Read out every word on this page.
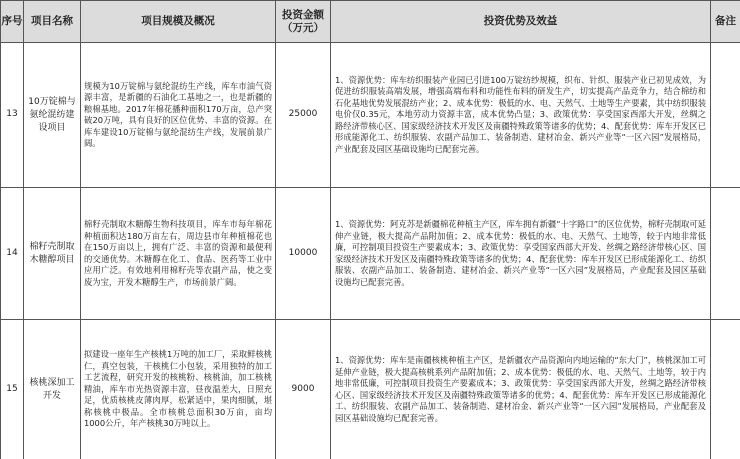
序号	项目名称	项目规模及概况	投资金额（万元）	投资优势及效益	备注
13	10万锭棉与氨纶混纺建设项目	规模为10万锭棉与氨纶混纺生产线，库车市油气资源丰富，是新疆的石油化工基地之一，也是新疆的粮棉基地。2017年棉花播种面积170万亩，总产突破20万吨，具有良好的区位优势、丰富的资源。在库车建设10万锭棉与氨纶混纺生产线，发展前景广阔。	25000	1、资源优势：库车纺织服装产业园已引进100万锭纺纱规模，织布、针织、服装产业已初见成效，为促进纺织服装高端发展，增强高端布料和功能性布料的研发生产，切实提高产品竞争力，结合棉纺和石化基地优势发展混纺产业；2、成本优势：极低的水、电、天然气、土地等生产要素，其中纺织服装电价仅0.35元，本地劳动力资源丰富，成本优势凸显；3、政策优势：享受国家西部大开发，丝绸之路经济带核心区、国家级经济技术开发区及南疆特殊政策等诸多的优势；4、配套优势：库车开发区已形成能源化工、纺织服装、农副产品加工、装备制造、建材冶金、新兴产业等“一区六园”发展格局，产业配套及园区基础设施均已配套完善。	
14	棉籽壳制取木糖醇项目	棉籽壳制取木糖醇生物科技项目，库车市每年棉花种植面积达180万亩左右，周边县市年种植棉花也在150万亩以上，拥有广泛、丰富的资源和最便利的交通优势。木糖醇在化工、食品、医药等工业中应用广泛。有效地利用棉籽壳等农副产品，使之变废为宝，开发木糖醇生产，市场前景广阔。	10000	1、资源优势：阿克苏是新疆棉花种植主产区，库车拥有新疆“十字路口”的区位优势，棉籽壳制取可延伸产业链，极大提高产品附加值；2、成本优势：极低的水、电、天然气、土地等，较于内地非常低廉，可控制项目投资生产要素成本；3、政策优势：享受国家西部大开发、丝绸之路经济带核心区、国家级经济技术开发区及南疆特殊政策等诸多的优势；4、配套优势：库车开发区已形成能源化工、纺织服装、农副产品加工、装备制造、建材冶金、新兴产业等“一区六园”发展格局，产业配套及园区基础设施均已配套完善。	
15	核桃深加工开发	拟建设一座年生产核桃1万吨的加工厂，采取鲜核桃仁，真空包装，干核桃仁小包装，采用独特的加工工艺流程，研究开发的核桃粉、核桃油，加工核桃精油，库车市光热资源丰富，昼夜温差大，日照充足，优质核桃皮薄肉厚，松紧适中，果肉细腻，堪称核桃中极品。全市核桃总面积30万亩，亩均1000公斤，年产核桃30万吨以上。	9000	1、资源优势：库车是南疆核桃种植主产区，是新疆农产品资源向内地运输的“东大门”，核桃深加工可延伸产业链，极大提高核桃系列产品附加值；2、成本优势：极低的水、电、天然气、土地等，较于内地非常低廉，可控制项目投资生产要素成本；3、政策优势：享受国家西部大开发，丝绸之路经济带核心区、国家级经济技术开发区及南疆特殊政策等诸多的优势；4、配套优势：库车开发区已形成能源化工、纺织服装、农副产品加工、装备制造、建材冶金、新兴产业等“一区六园”发展格局，产业配套及园区基础设施均已配套完善。	
